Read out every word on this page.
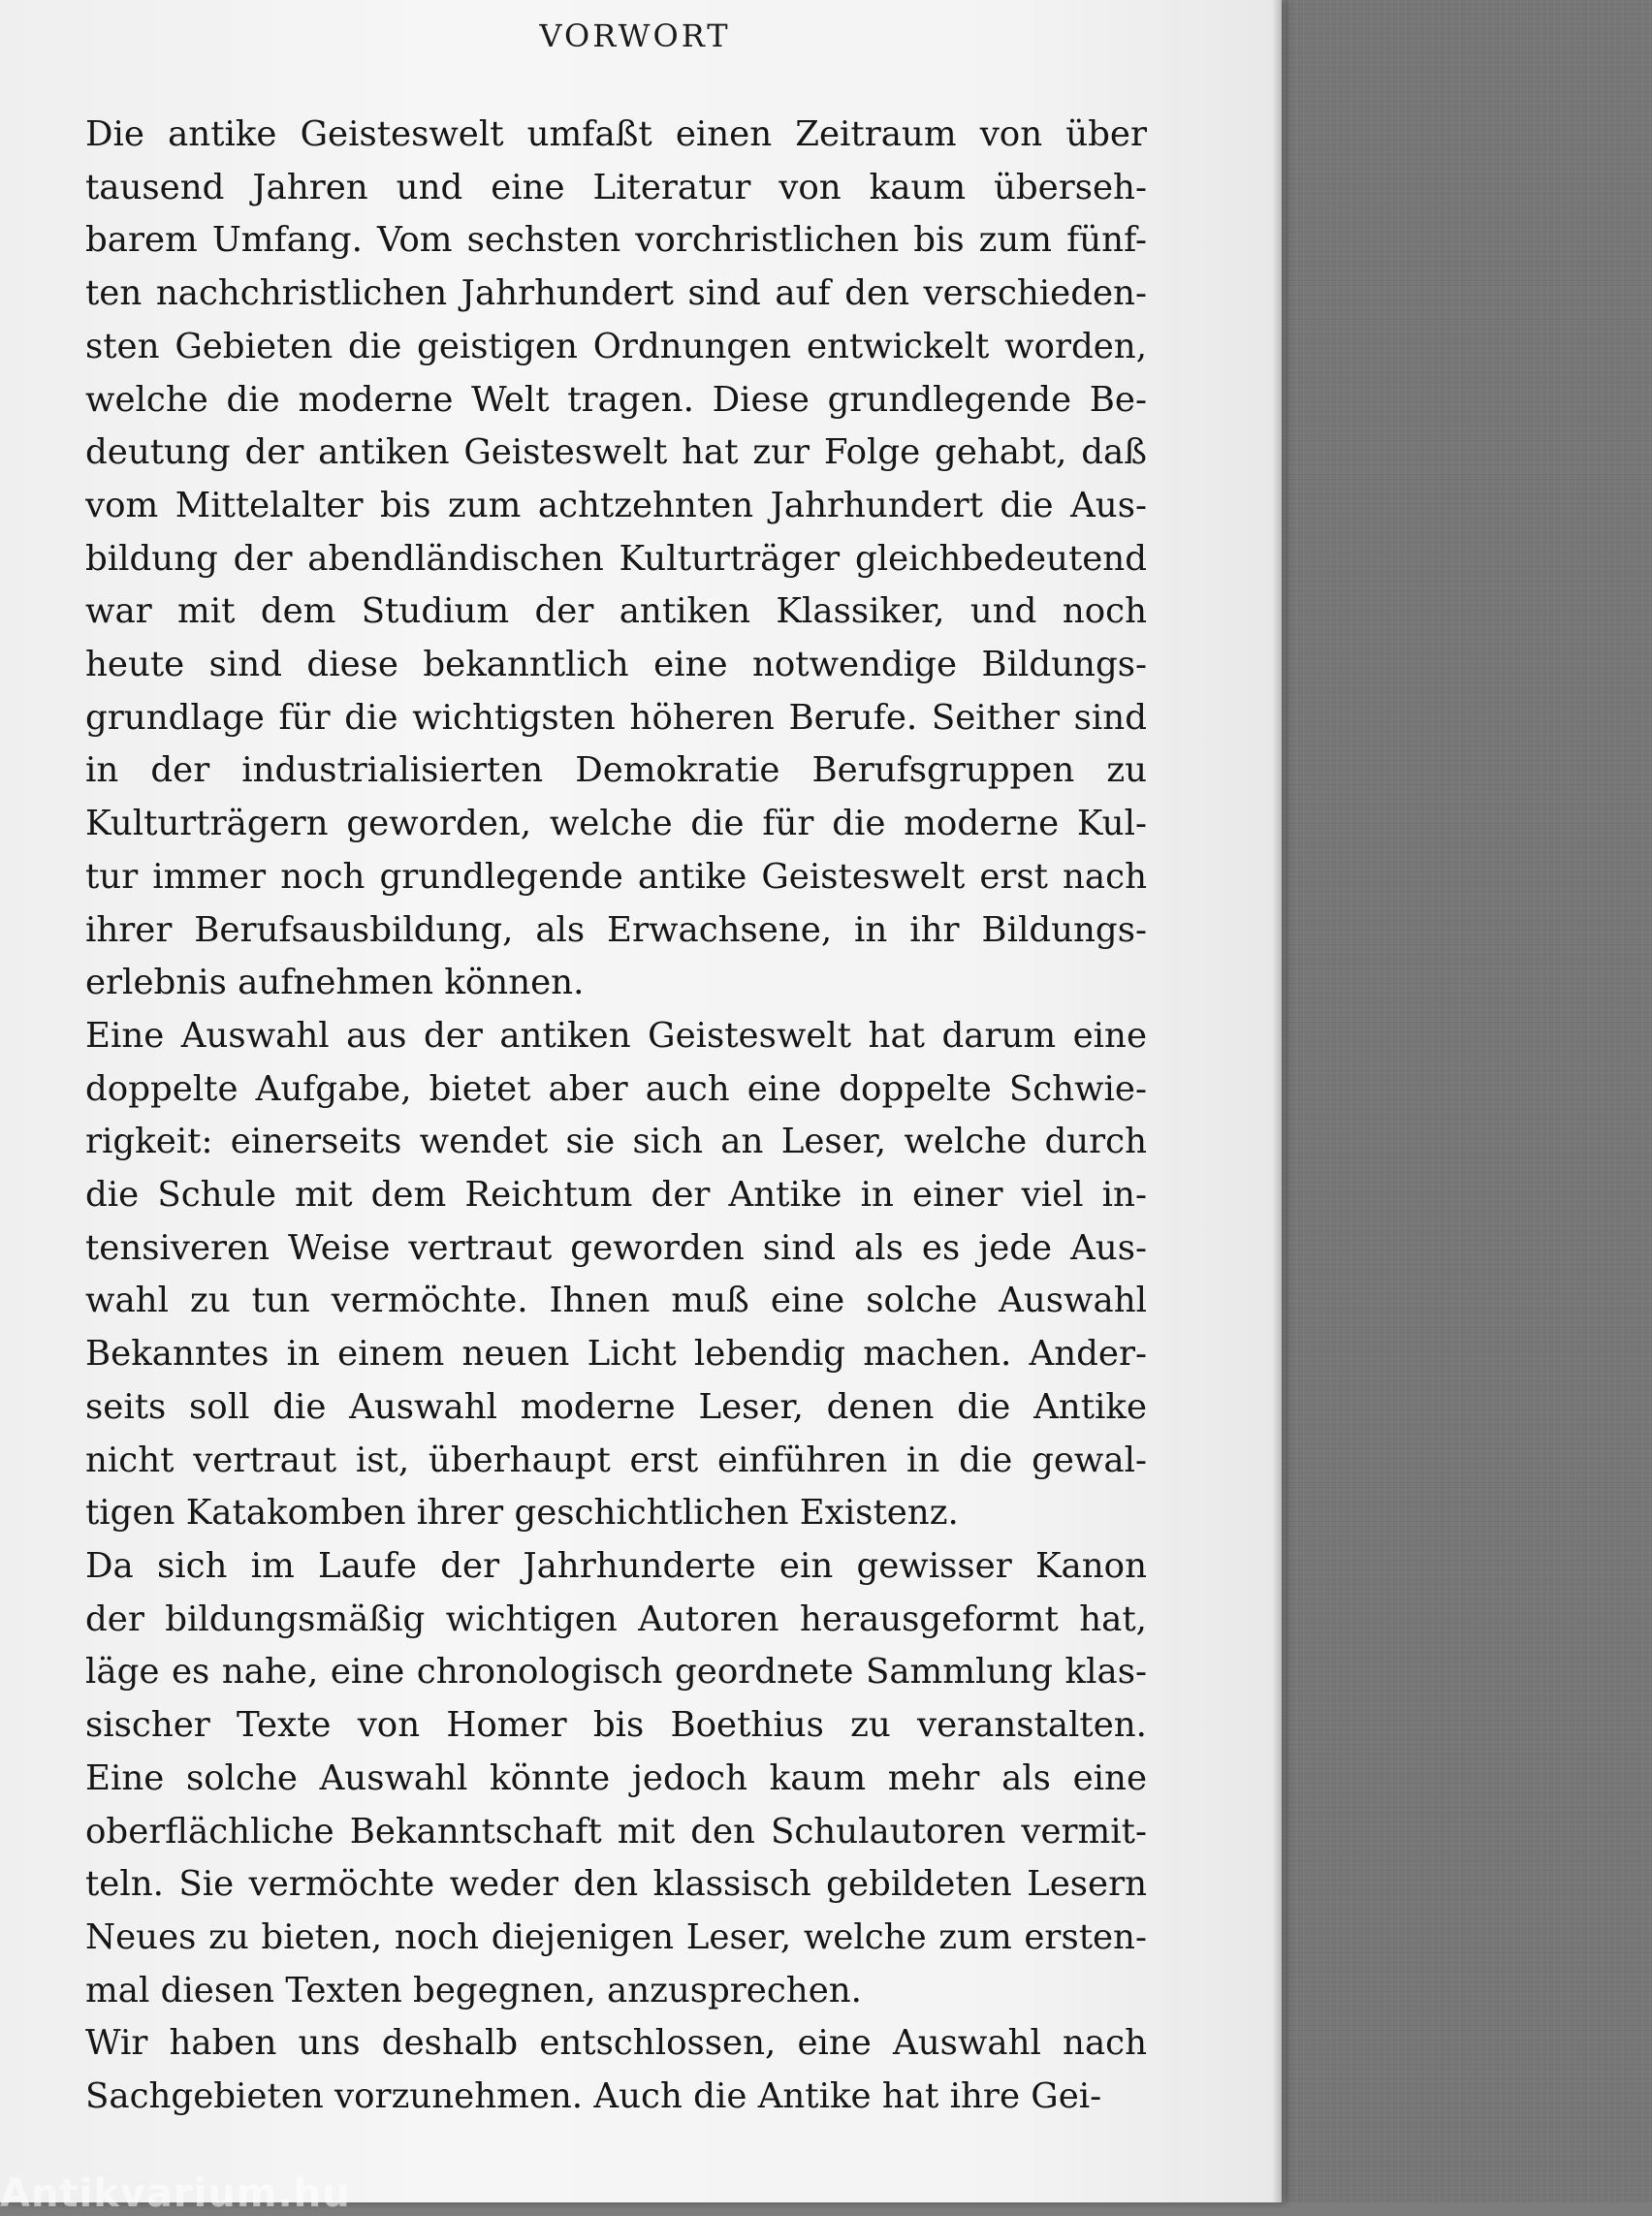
VORWORT
Die antike Geisteswelt umfaßt einen Zeitraum von über
tausend Jahren und eine Literatur von kaum überseh-
barem Umfang. Vom sechsten vorchristlichen bis zum fünf-
ten nachchristlichen Jahrhundert sind auf den verschieden-
sten Gebieten die geistigen Ordnungen entwickelt worden,
welche die moderne Welt tragen. Diese grundlegende Be-
deutung der antiken Geisteswelt hat zur Folge gehabt, daß
vom Mittelalter bis zum achtzehnten Jahrhundert die Aus-
bildung der abendländischen Kulturträger gleichbedeutend
war mit dem Studium der antiken Klassiker, und noch
heute sind diese bekanntlich eine notwendige Bildungs-
grundlage für die wichtigsten höheren Berufe. Seither sind
in der industrialisierten Demokratie Berufsgruppen zu
Kulturträgern geworden, welche die für die moderne Kul-
tur immer noch grundlegende antike Geisteswelt erst nach
ihrer Berufsausbildung, als Erwachsene, in ihr Bildungs-
erlebnis aufnehmen können.
Eine Auswahl aus der antiken Geisteswelt hat darum eine
doppelte Aufgabe, bietet aber auch eine doppelte Schwie-
rigkeit: einerseits wendet sie sich an Leser, welche durch
die Schule mit dem Reichtum der Antike in einer viel in-
tensiveren Weise vertraut geworden sind als es jede Aus-
wahl zu tun vermöchte. Ihnen muß eine solche Auswahl
Bekanntes in einem neuen Licht lebendig machen. Ander-
seits soll die Auswahl moderne Leser, denen die Antike
nicht vertraut ist, überhaupt erst einführen in die gewal-
tigen Katakomben ihrer geschichtlichen Existenz.
Da sich im Laufe der Jahrhunderte ein gewisser Kanon
der bildungsmäßig wichtigen Autoren herausgeformt hat,
läge es nahe, eine chronologisch geordnete Sammlung klas-
sischer Texte von Homer bis Boethius zu veranstalten.
Eine solche Auswahl könnte jedoch kaum mehr als eine
oberflächliche Bekanntschaft mit den Schulautoren vermit-
teln. Sie vermöchte weder den klassisch gebildeten Lesern
Neues zu bieten, noch diejenigen Leser, welche zum ersten-
mal diesen Texten begegnen, anzusprechen.
Wir haben uns deshalb entschlossen, eine Auswahl nach
Sachgebieten vorzunehmen. Auch die Antike hat ihre Gei-
Antikvarium.hu
